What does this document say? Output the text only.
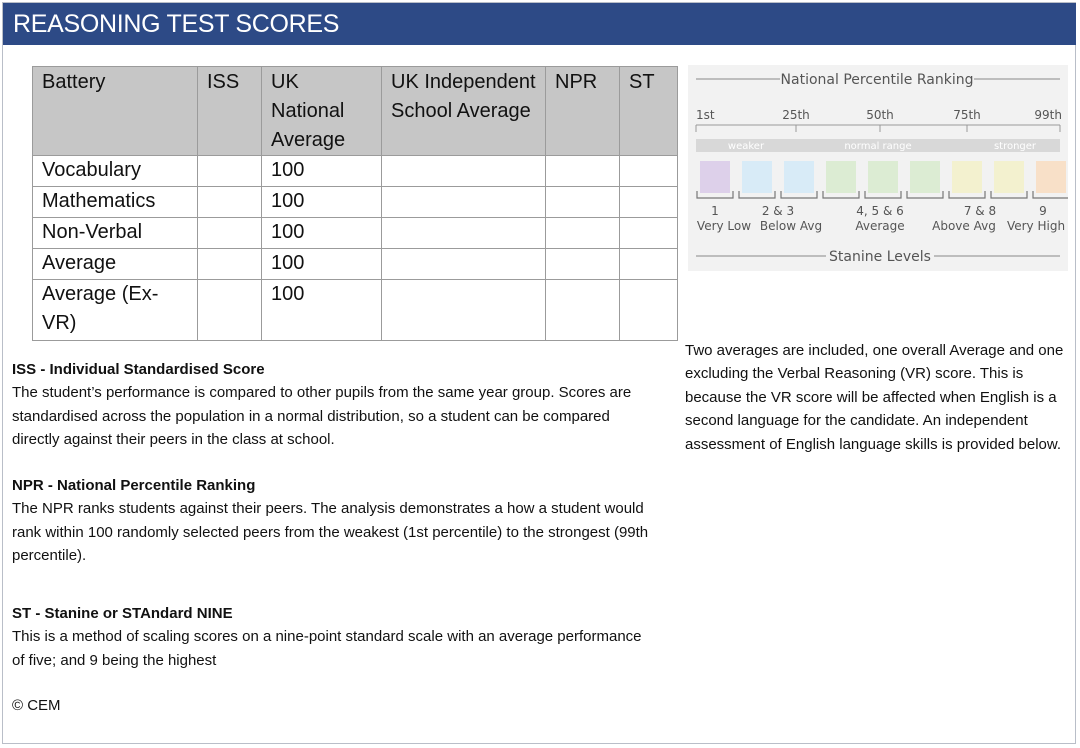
REASONING TEST SCORES
Battery	ISS	UK National Average	UK Independent School Average	NPR	ST
Vocabulary		100			
Mathematics		100			
Non-Verbal		100			
Average		100			
Average (Ex-VR)		100			
National Percentile Ranking
1st	25th	50th	75th	99th
weaker	normal range	stronger
1	2 & 3	4, 5 & 6	7 & 8	9
Very Low Below Avg	Average Above Avg Very High
Stanine Levels
ISS - Individual Standardised Score

The student’s performance is compared to other pupils from the same year group. Scores are standardised across the population in a normal distribution, so a student can be compared directly against their peers in the class at school.

NPR - National Percentile Ranking

The NPR ranks students against their peers. The analysis demonstrates a how a student would rank within 100 randomly selected peers from the weakest (1st percentile) to the strongest (99th percentile).

ST - Stanine or STAndard NINE

This is a method of scaling scores on a nine-point standard scale with an average performance of five; and 9 being the highest

Two averages are included, one overall Average and one excluding the Verbal Reasoning (VR) score. This is because the VR score will be affected when English is a second language for the candidate. An independent assessment of English language skills is provided below.

© CEM
